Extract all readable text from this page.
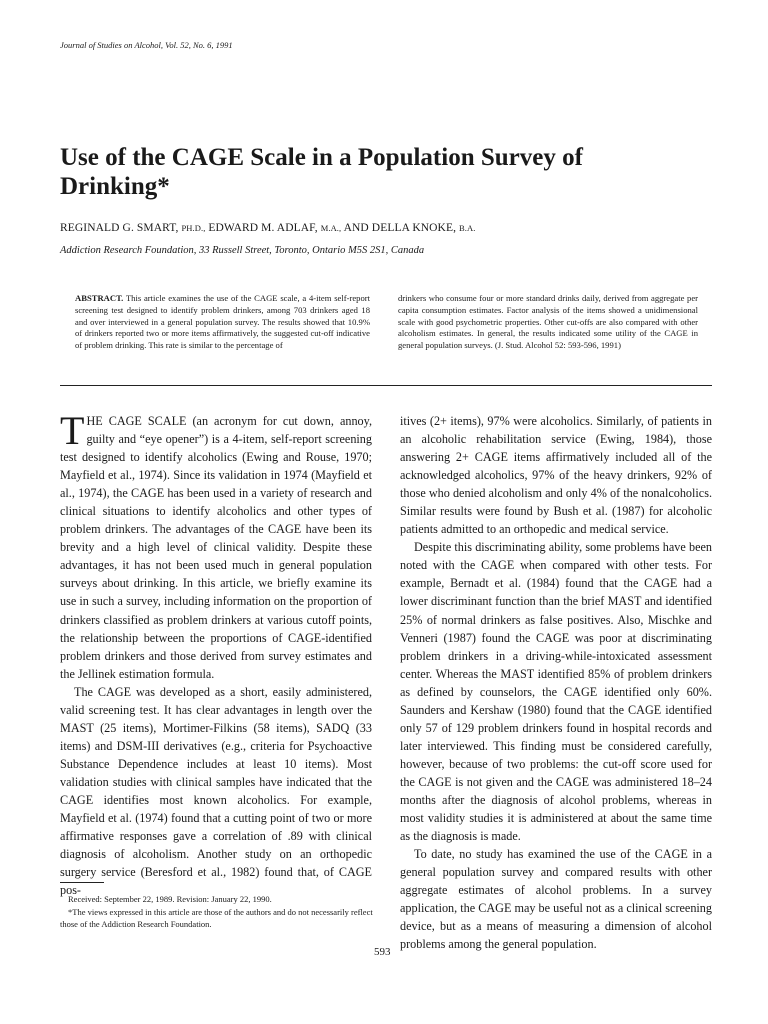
Journal of Studies on Alcohol, Vol. 52, No. 6, 1991
Use of the CAGE Scale in a Population Survey of Drinking*
REGINALD G. SMART, PH.D., EDWARD M. ADLAF, M.A., AND DELLA KNOKE, B.A.
Addiction Research Foundation, 33 Russell Street, Toronto, Ontario M5S 2S1, Canada
ABSTRACT. This article examines the use of the CAGE scale, a 4-item self-report screening test designed to identify problem drinkers, among 703 drinkers aged 18 and over interviewed in a general population survey. The results showed that 10.9% of drinkers reported two or more items affirmatively, the suggested cut-off indicative of problem drinking. This rate is similar to the percentage of
drinkers who consume four or more standard drinks daily, derived from aggregate per capita consumption estimates. Factor analysis of the items showed a unidimensional scale with good psychometric properties. Other cut-offs are also compared with other alcoholism estimates. In general, the results indicated some utility of the CAGE in general population surveys. (J. Stud. Alcohol 52: 593-596, 1991)

THE CAGE SCALE (an acronym for cut down, annoy, guilty and “eye opener”) is a 4-item, self-report screening test designed to identify alcoholics (Ewing and Rouse, 1970; Mayfield et al., 1974). Since its validation in 1974 (Mayfield et al., 1974), the CAGE has been used in a variety of research and clinical situations to identify alcoholics and other types of problem drinkers. The advantages of the CAGE have been its brevity and a high level of clinical validity. Despite these advantages, it has not been used much in general population surveys about drinking. In this article, we briefly examine its use in such a survey, including information on the proportion of drinkers classified as problem drinkers at various cutoff points, the relationship between the proportions of CAGE-identified problem drinkers and those derived from survey estimates and the Jellinek estimation formula.

The CAGE was developed as a short, easily administered, valid screening test. It has clear advantages in length over the MAST (25 items), Mortimer-Filkins (58 items), SADQ (33 items) and DSM-III derivatives (e.g., criteria for Psychoactive Substance Dependence includes at least 10 items). Most validation studies with clinical samples have indicated that the CAGE identifies most known alcoholics. For example, Mayfield et al. (1974) found that a cutting point of two or more affirmative responses gave a correlation of .89 with clinical diagnosis of alcoholism. Another study on an orthopedic surgery service (Beresford et al., 1982) found that, of CAGE pos-

itives (2+ items), 97% were alcoholics. Similarly, of patients in an alcoholic rehabilitation service (Ewing, 1984), those answering 2+ CAGE items affirmatively included all of the acknowledged alcoholics, 97% of the heavy drinkers, 92% of those who denied alcoholism and only 4% of the nonalcoholics. Similar results were found by Bush et al. (1987) for alcoholic patients admitted to an orthopedic and medical service.

Despite this discriminating ability, some problems have been noted with the CAGE when compared with other tests. For example, Bernadt et al. (1984) found that the CAGE had a lower discriminant function than the brief MAST and identified 25% of normal drinkers as false positives. Also, Mischke and Venneri (1987) found the CAGE was poor at discriminating problem drinkers in a driving-while-intoxicated assessment center. Whereas the MAST identified 85% of problem drinkers as defined by counselors, the CAGE identified only 60%. Saunders and Kershaw (1980) found that the CAGE identified only 57 of 129 problem drinkers found in hospital records and later interviewed. This finding must be considered carefully, however, because of two problems: the cut-off score used for the CAGE is not given and the CAGE was administered 18–24 months after the diagnosis of alcohol problems, whereas in most validity studies it is administered at about the same time as the diagnosis is made.

To date, no study has examined the use of the CAGE in a general population survey and compared results with other aggregate estimates of alcohol problems. In a survey application, the CAGE may be useful not as a clinical screening device, but as a means of measuring a dimension of alcohol problems among the general population.

Received: September 22, 1989. Revision: January 22, 1990.

*The views expressed in this article are those of the authors and do not necessarily reflect those of the Addiction Research Foundation.

593
